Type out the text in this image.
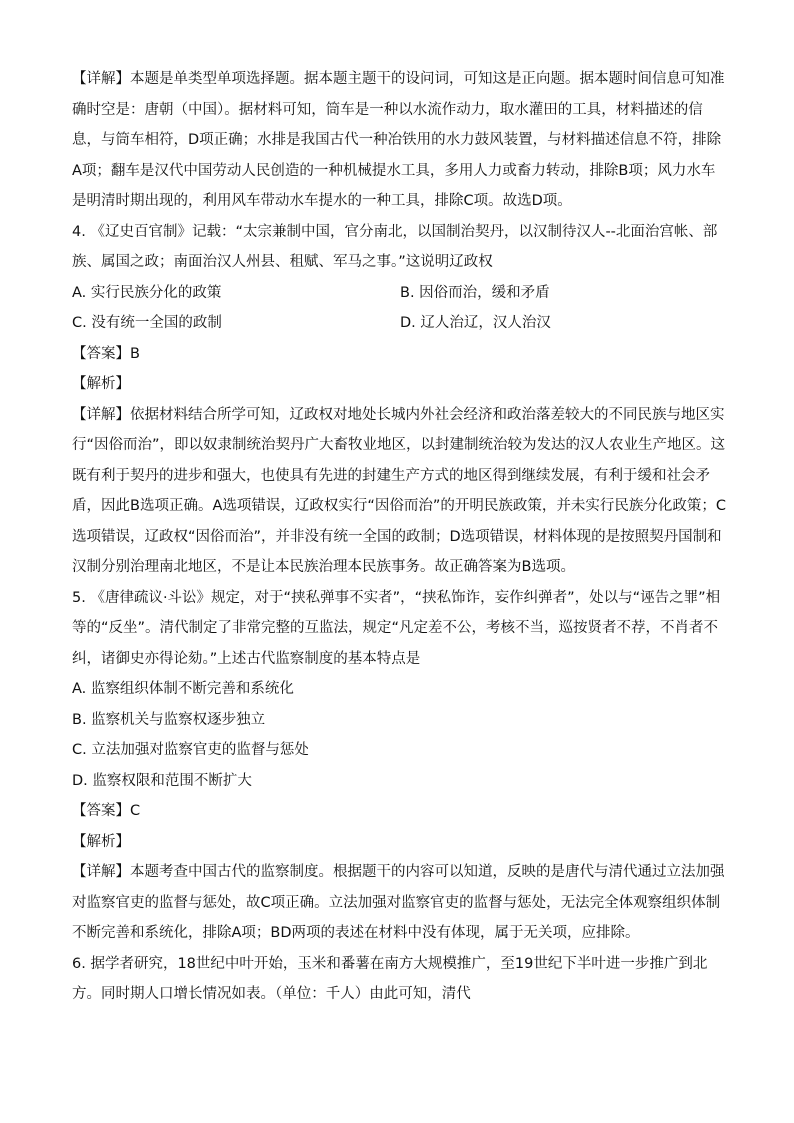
【详解】本题是单类型单项选择题。据本题主题干的设问词，可知这是正向题。据本题时间信息可知准确时空是：唐朝（中国）。据材料可知，筒车是一种以水流作动力，取水灌田的工具，材料描述的信息，与筒车相符，D项正确；水排是我国古代一种冶铁用的水力鼓风装置，与材料描述信息不符，排除A项；翻车是汉代中国劳动人民创造的一种机械提水工具，多用人力或畜力转动，排除B项；风力水车是明清时期出现的，利用风车带动水车提水的一种工具，排除C项。故选D项。

4. 《辽史百官制》记载：“太宗兼制中国，官分南北，以国制治契丹，以汉制待汉人--北面治宫帐、部族、属国之政；南面治汉人州县、租赋、军马之事。”这说明辽政权

A. 实行民族分化的政策	B. 因俗而治，缓和矛盾
C. 没有统一全国的政制	D. 辽人治辽，汉人治汉
【答案】B
【解析】

【详解】依据材料结合所学可知，辽政权对地处长城内外社会经济和政治落差较大的不同民族与地区实行“因俗而治”，即以奴隶制统治契丹广大畜牧业地区，以封建制统治较为发达的汉人农业生产地区。这既有利于契丹的进步和强大，也使具有先进的封建生产方式的地区得到继续发展，有利于缓和社会矛盾，因此B选项正确。A选项错误，辽政权实行“因俗而治”的开明民族政策，并未实行民族分化政策；C选项错误，辽政权“因俗而治”，并非没有统一全国的政制；D选项错误，材料体现的是按照契丹国制和汉制分别治理南北地区，不是让本民族治理本民族事务。故正确答案为B选项。

5. 《唐律疏议·斗讼》规定，对于“挟私弹事不实者”，“挟私饰诈，妄作纠弹者”，处以与“诬告之罪”相等的“反坐”。清代制定了非常完整的互监法，规定“凡定差不公，考核不当，巡按贤者不荐，不肖者不纠，诸御史亦得论劾。”上述古代监察制度的基本特点是

A. 监察组织体制不断完善和系统化
B. 监察机关与监察权逐步独立
C. 立法加强对监察官吏的监督与惩处
D. 监察权限和范围不断扩大
【答案】C
【解析】

【详解】本题考查中国古代的监察制度。根据题干的内容可以知道，反映的是唐代与清代通过立法加强对监察官吏的监督与惩处，故C项正确。立法加强对监察官吏的监督与惩处，无法完全体观察组织体制不断完善和系统化，排除A项；BD两项的表述在材料中没有体现，属于无关项，应排除。

6. 据学者研究，18世纪中叶开始，玉米和番薯在南方大规模推广，至19世纪下半叶进一步推广到北方。同时期人口增长情况如表。（单位：千人）由此可知，清代
